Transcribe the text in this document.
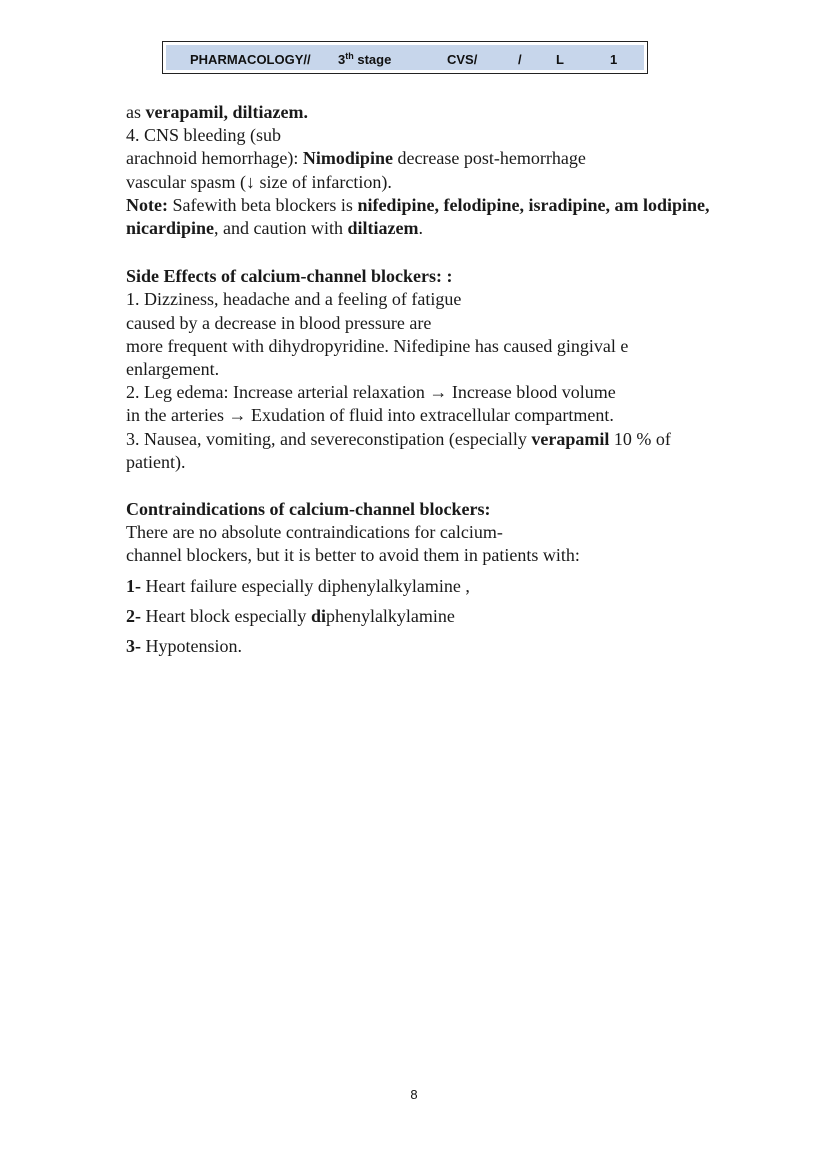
PHARMACOLOGY// 3th stage	CVS/	/	L	1

as verapamil, diltiazem.

4. CNS bleeding (sub

arachnoid hemorrhage): Nimodipine decrease post-hemorrhage

vascular spasm (↓ size of infarction).

Note: Safewith beta blockers is nifedipine, felodipine, isradipine, am lodipine, nicardipine, and caution with diltiazem.

Side Effects of calcium-channel blockers: :

1. Dizziness, headache and a feeling of fatigue

caused by a decrease in blood pressure are

more frequent with dihydropyridine. Nifedipine has caused gingival e

enlargement.

2. Leg edema: Increase arterial relaxation → Increase blood volume

in the arteries → Exudation of fluid into extracellular compartment.

3. Nausea, vomiting, and severeconstipation (especially verapamil 10 % of patient).

Contraindications of calcium-channel blockers:

There are no absolute contraindications for calcium-

channel blockers, but it is better to avoid them in patients with:

1- Heart failure especially diphenylalkylamine ,

2- Heart block especially diphenylalkylamine

3- Hypotension.

8
